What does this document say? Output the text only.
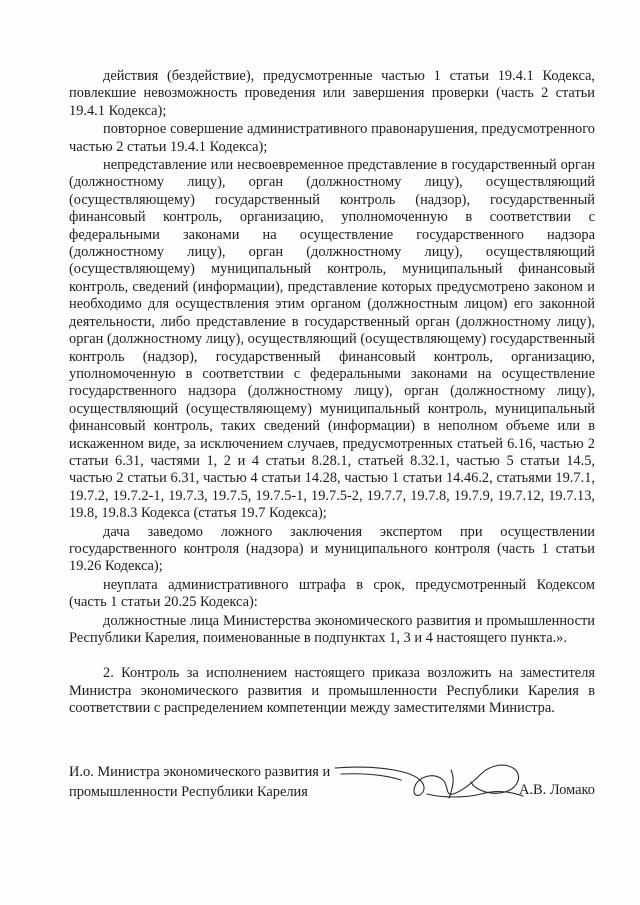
действия (бездействие), предусмотренные частью 1 статьи 19.4.1 Кодекса, повлекшие невозможность проведения или завершения проверки (часть 2 статьи 19.4.1 Кодекса);

повторное совершение административного правонарушения, предусмотренного частью 2 статьи 19.4.1 Кодекса);

непредставление или несвоевременное представление в государственный орган (должностному лицу), орган (должностному лицу), осуществляющий (осуществляющему) государственный контроль (надзор), государственный финансовый контроль, организацию, уполномоченную в соответствии с федеральными законами на осуществление государственного надзора (должностному лицу), орган (должностному лицу), осуществляющий (осуществляющему) муниципальный контроль, муниципальный финансовый контроль, сведений (информации), представление которых предусмотрено законом и необходимо для осуществления этим органом (должностным лицом) его законной деятельности, либо представление в государственный орган (должностному лицу), орган (должностному лицу), осуществляющий (осуществляющему) государственный контроль (надзор), государственный финансовый контроль, организацию, уполномоченную в соответствии с федеральными законами на осуществление государственного надзора (должностному лицу), орган (должностному лицу), осуществляющий (осуществляющему) муниципальный контроль, муниципальный финансовый контроль, таких сведений (информации) в неполном объеме или в искаженном виде, за исключением случаев, предусмотренных статьей 6.16, частью 2 статьи 6.31, частями 1, 2 и 4 статьи 8.28.1, статьей 8.32.1, частью 5 статьи 14.5, частью 2 статьи 6.31, частью 4 статьи 14.28, частью 1 статьи 14.46.2, статьями 19.7.1, 19.7.2, 19.7.2-1, 19.7.3, 19.7.5, 19.7.5-1, 19.7.5-2, 19.7.7, 19.7.8, 19.7.9, 19.7.12, 19.7.13, 19.8, 19.8.3 Кодекса (статья 19.7 Кодекса);

дача заведомо ложного заключения экспертом при осуществлении государственного контроля (надзора) и муниципального контроля (часть 1 статьи 19.26 Кодекса);

неуплата административного штрафа в срок, предусмотренный Кодексом (часть 1 статьи 20.25 Кодекса):

должностные лица Министерства экономического развития и промышленности Республики Карелия, поименованные в подпунктах 1, 3 и 4 настоящего пункта.».

2. Контроль за исполнением настоящего приказа возложить на заместителя Министра экономического развития и промышленности Республики Карелия в соответствии с распределением компетенции между заместителями Министра.

И.о. Министра экономического развития и
промышленности Республики Карелия	А.В. Ломако
